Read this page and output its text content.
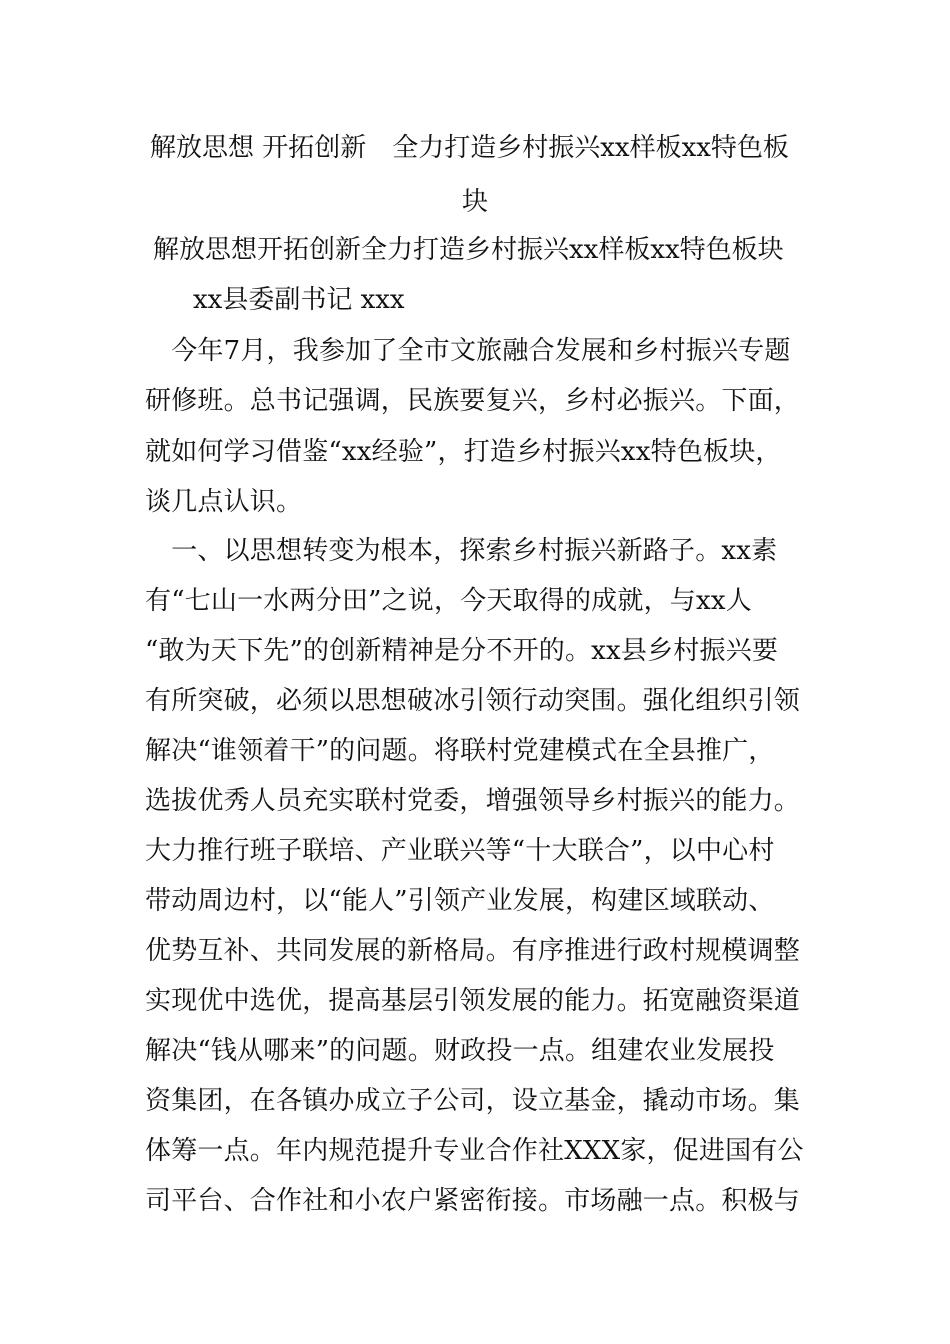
解放思想 开拓创新　全力打造乡村振兴xx样板xx特色板
块
解放思想开拓创新全力打造乡村振兴xx样板xx特色板块
xx县委副书记 xxx
　今年7月，我参加了全市文旅融合发展和乡村振兴专题
研修班。总书记强调，民族要复兴，乡村必振兴。下面，
就如何学习借鉴“xx经验”，打造乡村振兴xx特色板块，
谈几点认识。
　一、以思想转变为根本，探索乡村振兴新路子。xx素
有“七山一水两分田”之说，今天取得的成就，与xx人
“敢为天下先”的创新精神是分不开的。xx县乡村振兴要
有所突破，必须以思想破冰引领行动突围。强化组织引领
解决“谁领着干”的问题。将联村党建模式在全县推广，
选拔优秀人员充实联村党委，增强领导乡村振兴的能力。
大力推行班子联培、产业联兴等“十大联合”，以中心村
带动周边村，以“能人”引领产业发展，构建区域联动、
优势互补、共同发展的新格局。有序推进行政村规模调整
实现优中选优，提高基层引领发展的能力。拓宽融资渠道
解决“钱从哪来”的问题。财政投一点。组建农业发展投
资集团，在各镇办成立子公司，设立基金，撬动市场。集
体筹一点。年内规范提升专业合作社XXX家，促进国有公
司平台、合作社和小农户紧密衔接。市场融一点。积极与
